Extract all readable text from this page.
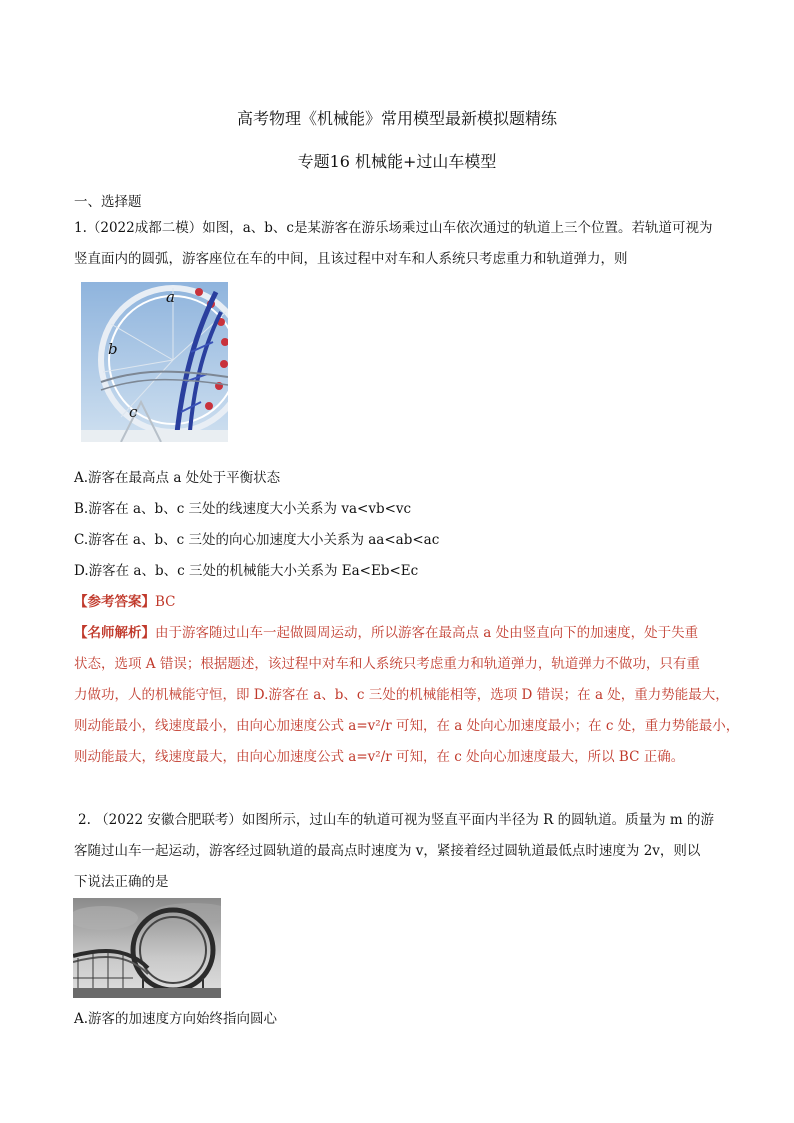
高考物理《机械能》常用模型最新模拟题精练
专题16 机械能+过山车模型
一、选择题
1.（2022成都二模）如图，a、b、c是某游客在游乐场乘过山车依次通过的轨道上三个位置。若轨道可视为
竖直面内的圆弧，游客座位在车的中间，且该过程中对车和人系统只考虑重力和轨道弹力，则
a
b
c
A.游客在最高点 a 处处于平衡状态
B.游客在 a、b、c 三处的线速度大小关系为 va<vb<vc
C.游客在 a、b、c 三处的向心加速度大小关系为 aa<ab<ac
D.游客在 a、b、c 三处的机械能大小关系为 Ea<Eb<Ec
【参考答案】BC
【名师解析】由于游客随过山车一起做圆周运动，所以游客在最高点 a 处由竖直向下的加速度，处于失重
状态，选项 A 错误；根据题述，该过程中对车和人系统只考虑重力和轨道弹力，轨道弹力不做功，只有重
力做功，人的机械能守恒，即 D.游客在 a、b、c 三处的机械能相等，选项 D 错误；在 a 处，重力势能最大，
则动能最小，线速度最小，由向心加速度公式 a=v²/r 可知，在 a 处向心加速度最小；在 c 处，重力势能最小，
则动能最大，线速度最大，由向心加速度公式 a=v²/r 可知，在 c 处向心加速度最大，所以 BC 正确。
2. （2022 安徽合肥联考）如图所示，过山车的轨道可视为竖直平面内半径为 R 的圆轨道。质量为 m 的游
客随过山车一起运动，游客经过圆轨道的最高点时速度为 v，紧接着经过圆轨道最低点时速度为 2v，则以
下说法正确的是
A.游客的加速度方向始终指向圆心
